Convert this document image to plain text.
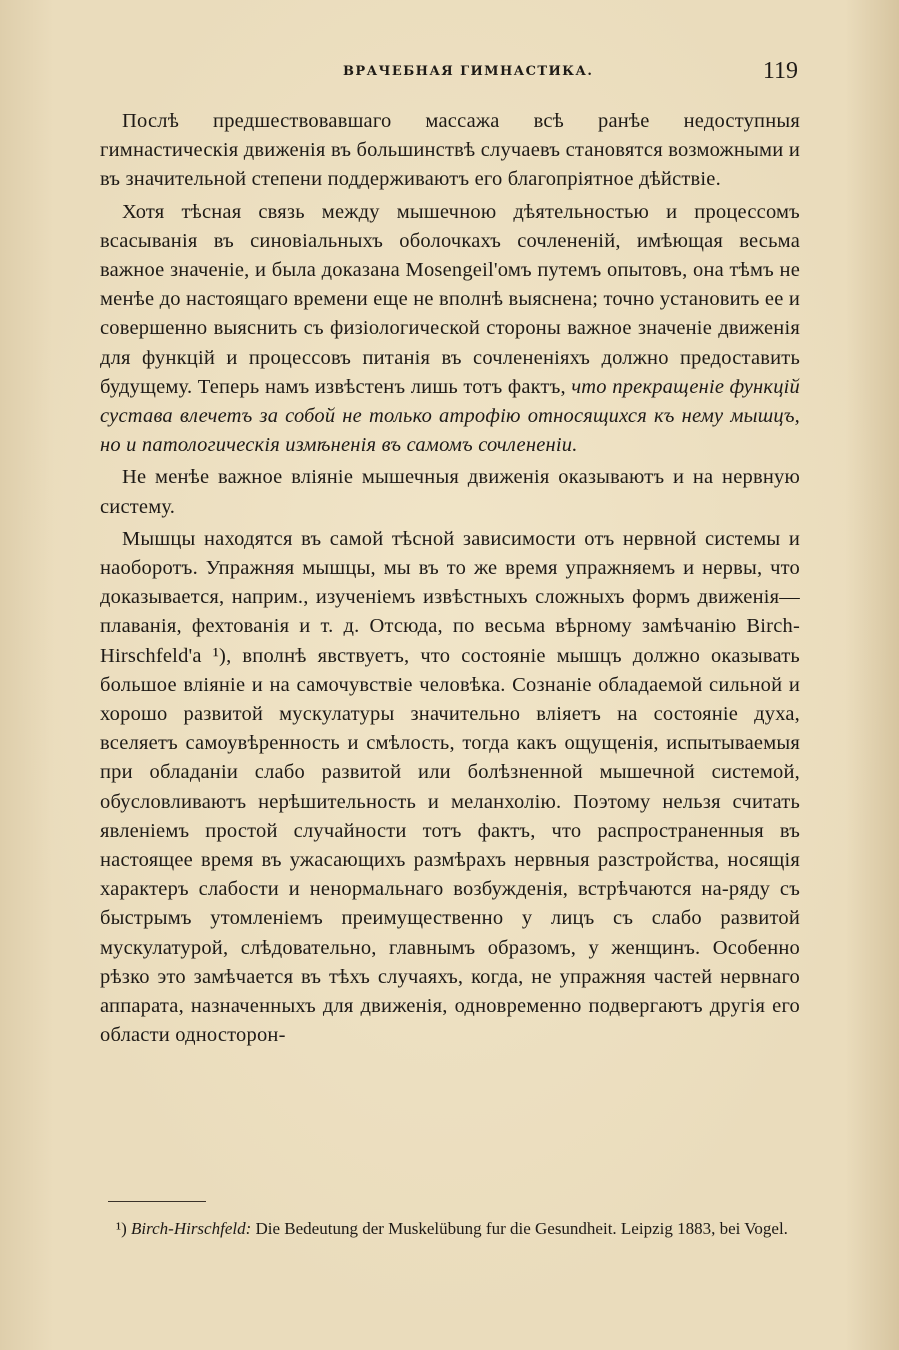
ВРАЧЕБНАЯ ГИМНАСТИКА.	119

Послѣ предшествовавшаго массажа всѣ ранѣе недоступныя гимнастическія движенія въ большинствѣ случаевъ становятся возможными и въ значительной степени поддерживаютъ его благопріятное дѣйствіе.

Хотя тѣсная связь между мышечною дѣятельностью и процессомъ всасыванія въ синовіальныхъ оболочкахъ сочлененій, имѣющая весьма важное значеніе, и была доказана Mosengeil'омъ путемъ опытовъ, она тѣмъ не менѣе до настоящаго времени еще не вполнѣ выяснена; точно установить ее и совершенно выяснить съ физіологической стороны важное значеніе движенія для функцій и процессовъ питанія въ сочлененіяхъ должно предоставить будущему. Теперь намъ извѣстенъ лишь тотъ фактъ, что прекращеніе функцій сустава влечетъ за собой не только атрофію относящихся къ нему мышцъ, но и патологическія измѣненія въ самомъ сочлененіи.

Не менѣе важное вліяніе мышечныя движенія оказываютъ и на нервную систему.

Мышцы находятся въ самой тѣсной зависимости отъ нервной системы и наоборотъ. Упражняя мышцы, мы въ то же время упражняемъ и нервы, что доказывается, наприм., изученіемъ извѣстныхъ сложныхъ формъ движенія—плаванія, фехтованія и т. д. Отсюда, по весьма вѣрному замѣчанію Birch-Hirschfeld'a ¹), вполнѣ явствуетъ, что состояніе мышцъ должно оказывать большое вліяніе и на самочувствіе человѣка. Сознаніе обладаемой сильной и хорошо развитой мускулатуры значительно вліяетъ на состояніе духа, вселяетъ самоувѣренность и смѣлость, тогда какъ ощущенія, испытываемыя при обладаніи слабо развитой или болѣзненной мышечной системой, обусловливаютъ нерѣшительность и меланхолію. Поэтому нельзя считать явленіемъ простой случайности тотъ фактъ, что распространенныя въ настоящее время въ ужасающихъ размѣрахъ нервныя разстройства, носящія характеръ слабости и ненормальнаго возбужденія, встрѣчаются на-ряду съ быстрымъ утомленіемъ преимущественно у лицъ съ слабо развитой мускулатурой, слѣдовательно, главнымъ образомъ, у женщинъ. Особенно рѣзко это замѣчается въ тѣхъ случаяхъ, когда, не упражняя частей нервнаго аппарата, назначенныхъ для движенія, одновременно подвергаютъ другія его области односторон-

¹) Birch-Hirschfeld: Die Bedeutung der Muskelübung fur die Gesundheit. Leipzig 1883, bei Vogel.
